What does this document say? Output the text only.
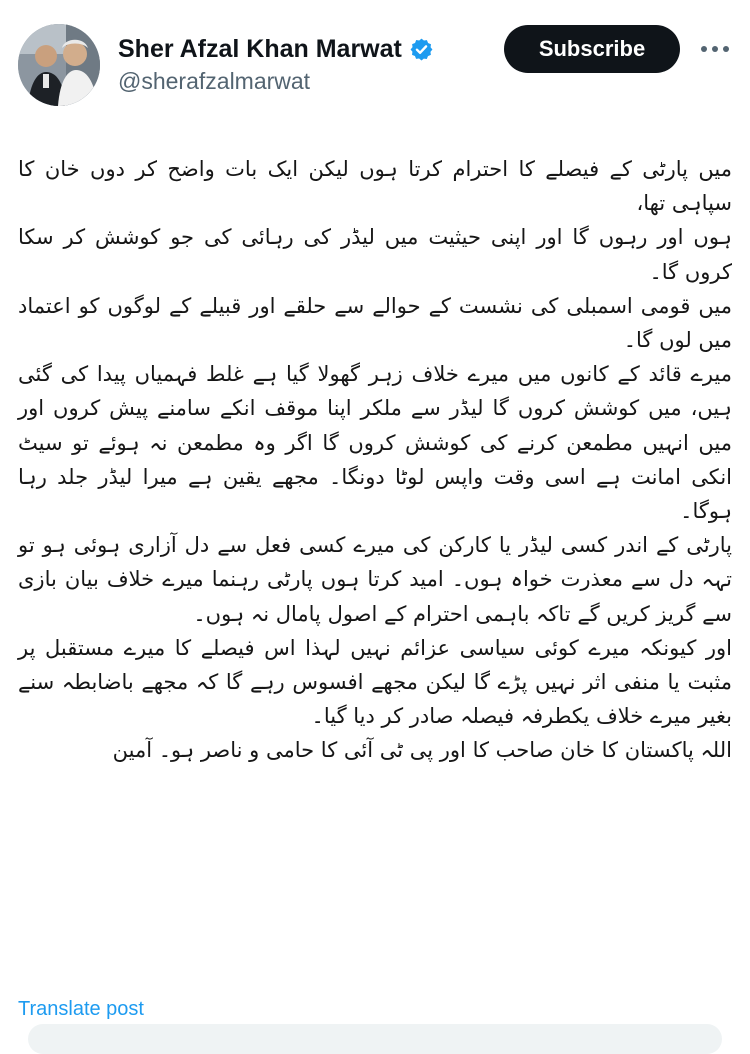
Sher Afzal Khan Marwat
@sherafzalmarwat
Subscribe

میں پارٹی کے فیصلے کا احترام کرتا ہوں لیکن ایک بات واضح کر دوں خان کا سپاہی تھا،

ہوں اور رہوں گا اور اپنی حیثیت میں لیڈر کی رہائی کی جو کوشش کر سکا کروں گا۔

میں قومی اسمبلی کی نشست کے حوالے سے حلقے اور قبیلے کے لوگوں کو اعتماد میں لوں گا۔

میرے قائد کے کانوں میں میرے خلاف زہر گھولا گیا ہے غلط فہمیاں پیدا کی گئی ہیں، میں کوشش کروں گا لیڈر سے ملکر اپنا موقف انکے سامنے پیش کروں اور میں انہیں مطمعن کرنے کی کوشش کروں گا اگر وہ مطمعن نہ ہوئے تو سیٹ انکی امانت ہے اسی وقت واپس لوٹا دونگا۔ مجھے یقین ہے میرا لیڈر جلد رہا ہوگا۔

پارٹی کے اندر کسی لیڈر یا کارکن کی میرے کسی فعل سے دل آزاری ہوئی ہو تو تہہ دل سے معذرت خواہ ہوں۔ امید کرتا ہوں پارٹی رہنما میرے خلاف بیان بازی سے گریز کریں گے تاکہ باہمی احترام کے اصول پامال نہ ہوں۔

اور کیونکہ میرے کوئی سیاسی عزائم نہیں لہذا اس فیصلے کا میرے مستقبل پر مثبت یا منفی اثر نہیں پڑے گا لیکن مجھے افسوس رہے گا کہ مجھے باضابطہ سنے بغیر میرے خلاف یکطرفہ فیصلہ صادر کر دیا گیا۔

اللہ پاکستان کا خان صاحب کا اور پی ٹی آئی کا حامی و ناصر ہو۔ آمین

Translate post
